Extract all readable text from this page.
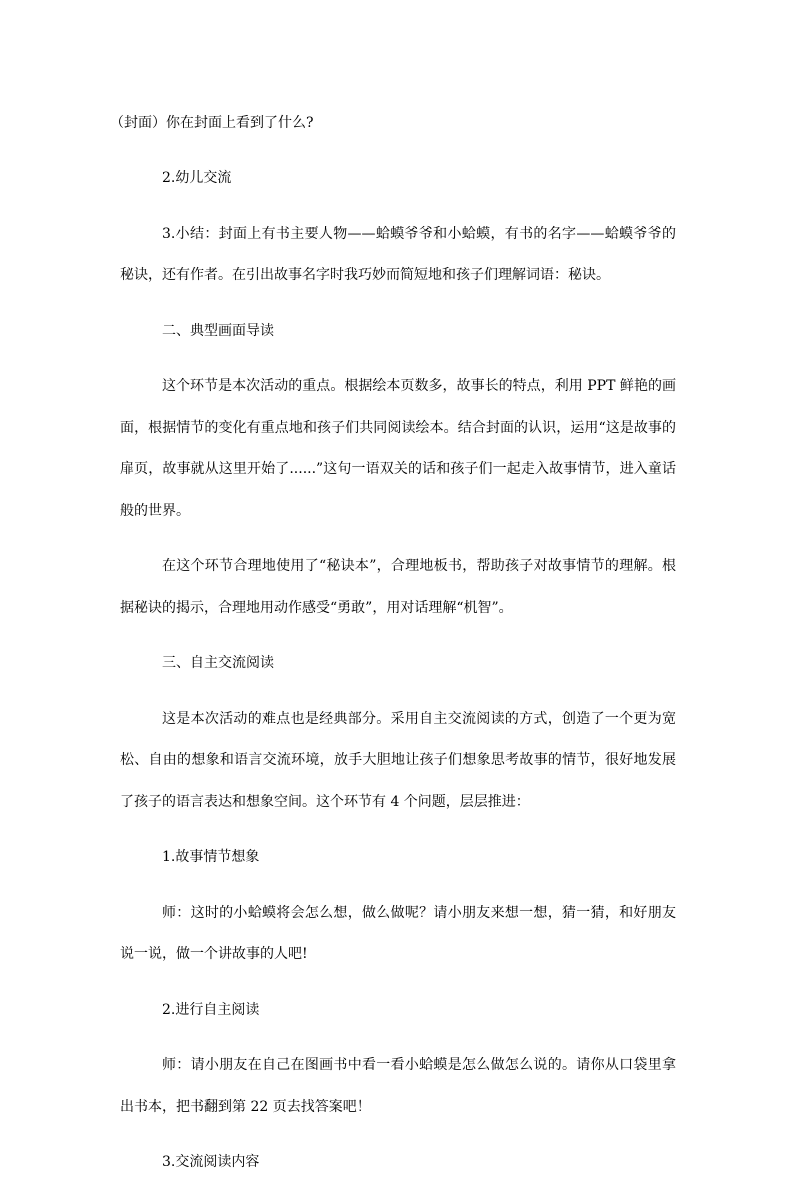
（封面）你在封面上看到了什么?

2.幼儿交流

3.小结：封面上有书主要人物——蛤蟆爷爷和小蛤蟆，有书的名字——蛤蟆爷爷的秘诀，还有作者。在引出故事名字时我巧妙而简短地和孩子们理解词语：秘诀。

二、典型画面导读

这个环节是本次活动的重点。根据绘本页数多，故事长的特点，利用 PPT 鲜艳的画面，根据情节的变化有重点地和孩子们共同阅读绘本。结合封面的认识，运用“这是故事的扉页，故事就从这里开始了......”这句一语双关的话和孩子们一起走入故事情节，进入童话般的世界。

在这个环节合理地使用了“秘诀本”，合理地板书，帮助孩子对故事情节的理解。根据秘诀的揭示，合理地用动作感受“勇敢”，用对话理解“机智”。

三、自主交流阅读

这是本次活动的难点也是经典部分。采用自主交流阅读的方式，创造了一个更为宽松、自由的想象和语言交流环境，放手大胆地让孩子们想象思考故事的情节，很好地发展了孩子的语言表达和想象空间。这个环节有 4 个问题，层层推进：

1.故事情节想象

师：这时的小蛤蟆将会怎么想，做么做呢？请小朋友来想一想，猜一猜，和好朋友说一说，做一个讲故事的人吧!

2.进行自主阅读

师：请小朋友在自己在图画书中看一看小蛤蟆是怎么做怎么说的。请你从口袋里拿出书本，把书翻到第 22 页去找答案吧！

3.交流阅读内容
